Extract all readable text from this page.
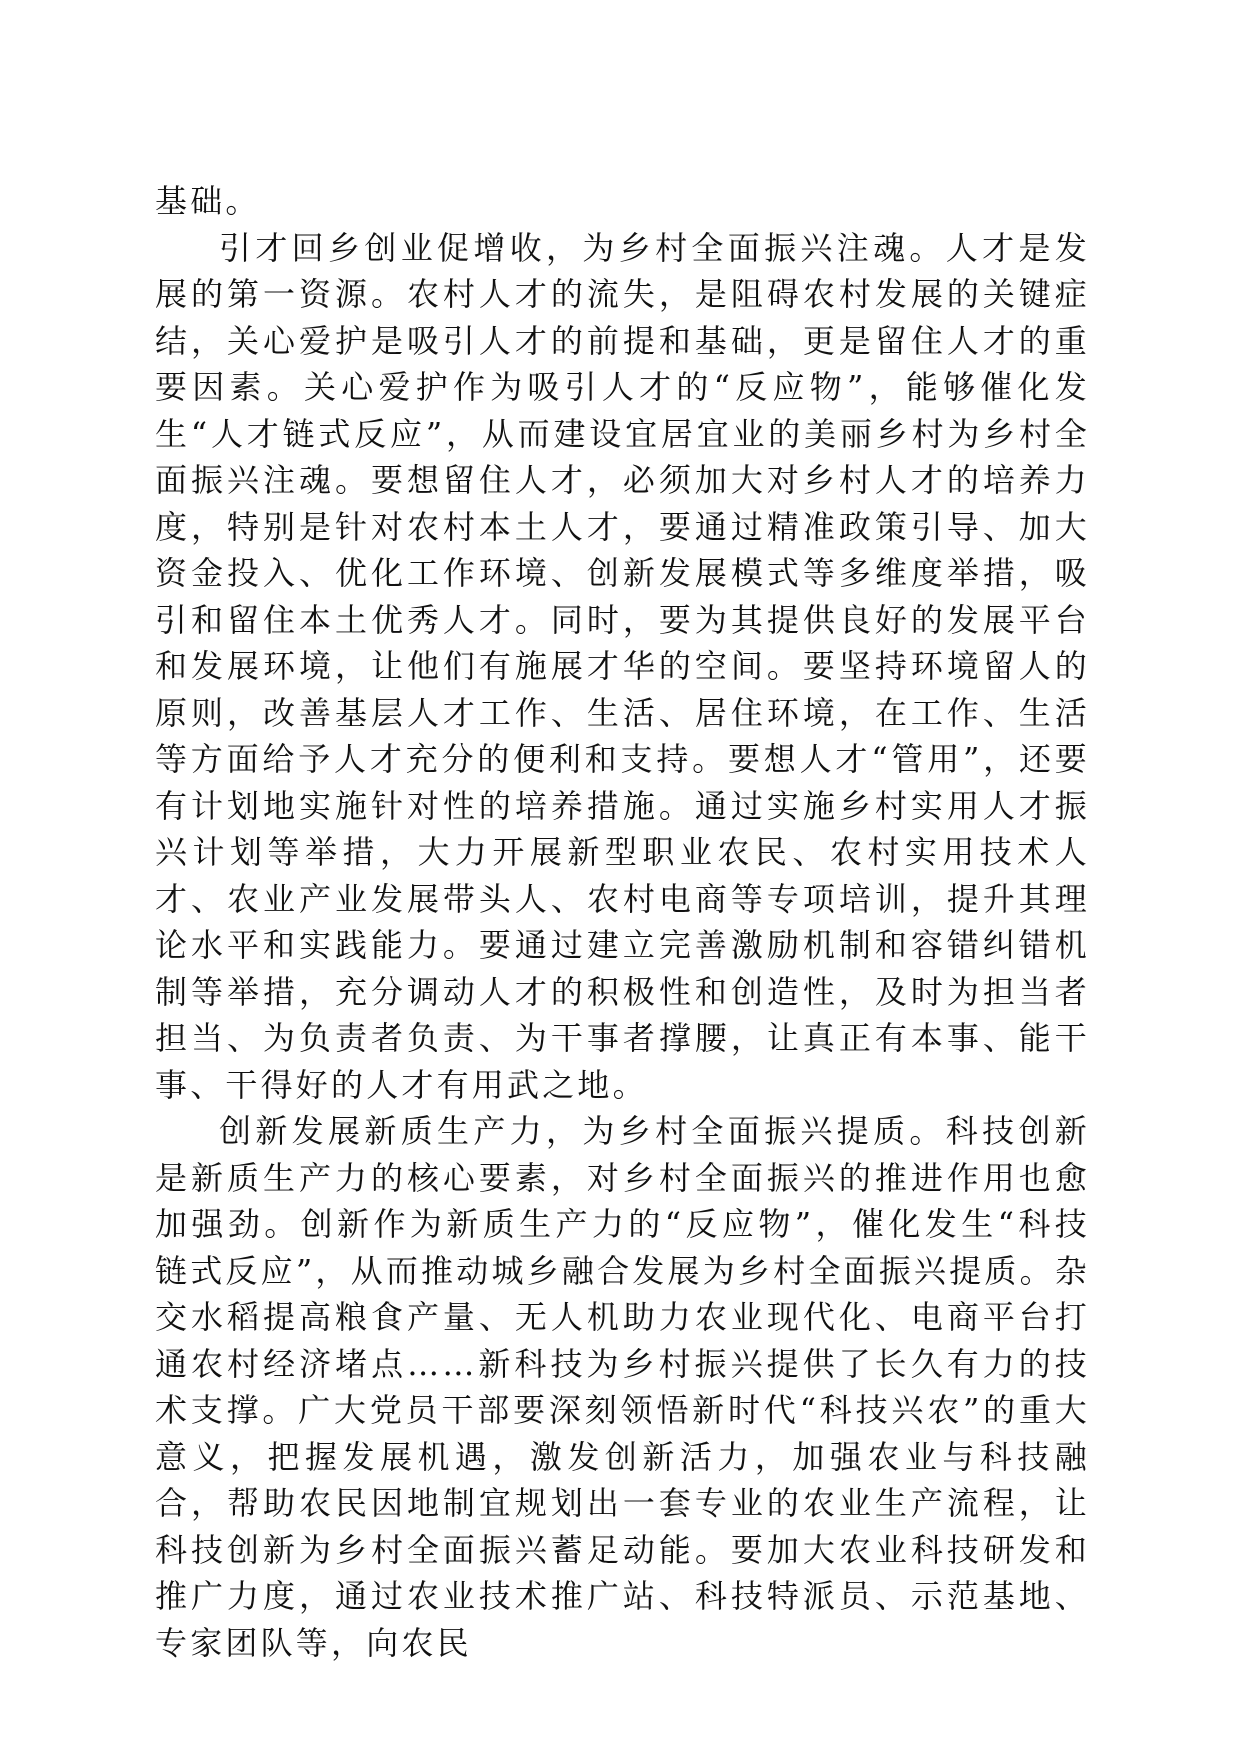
基础。

引才回乡创业促增收，为乡村全面振兴注魂。人才是发展的第一资源。农村人才的流失，是阻碍农村发展的关键症结，关心爱护是吸引人才的前提和基础，更是留住人才的重要因素。关心爱护作为吸引人才的“反应物”，能够催化发生“人才链式反应”，从而建设宜居宜业的美丽乡村为乡村全面振兴注魂。要想留住人才，必须加大对乡村人才的培养力度，特别是针对农村本土人才，要通过精准政策引导、加大资金投入、优化工作环境、创新发展模式等多维度举措，吸引和留住本土优秀人才。同时，要为其提供良好的发展平台和发展环境，让他们有施展才华的空间。要坚持环境留人的原则，改善基层人才工作、生活、居住环境，在工作、生活等方面给予人才充分的便利和支持。要想人才“管用”，还要有计划地实施针对性的培养措施。通过实施乡村实用人才振兴计划等举措，大力开展新型职业农民、农村实用技术人才、农业产业发展带头人、农村电商等专项培训，提升其理论水平和实践能力。要通过建立完善激励机制和容错纠错机制等举措，充分调动人才的积极性和创造性，及时为担当者担当、为负责者负责、为干事者撑腰，让真正有本事、能干事、干得好的人才有用武之地。

创新发展新质生产力，为乡村全面振兴提质。科技创新是新质生产力的核心要素，对乡村全面振兴的推进作用也愈加强劲。创新作为新质生产力的“反应物”，催化发生“科技链式反应”，从而推动城乡融合发展为乡村全面振兴提质。杂交水稻提高粮食产量、无人机助力农业现代化、电商平台打通农村经济堵点……新科技为乡村振兴提供了长久有力的技术支撑。广大党员干部要深刻领悟新时代“科技兴农”的重大意义，把握发展机遇，激发创新活力，加强农业与科技融合，帮助农民因地制宜规划出一套专业的农业生产流程，让科技创新为乡村全面振兴蓄足动能。要加大农业科技研发和推广力度，通过农业技术推广站、科技特派员、示范基地、专家团队等，向农民
